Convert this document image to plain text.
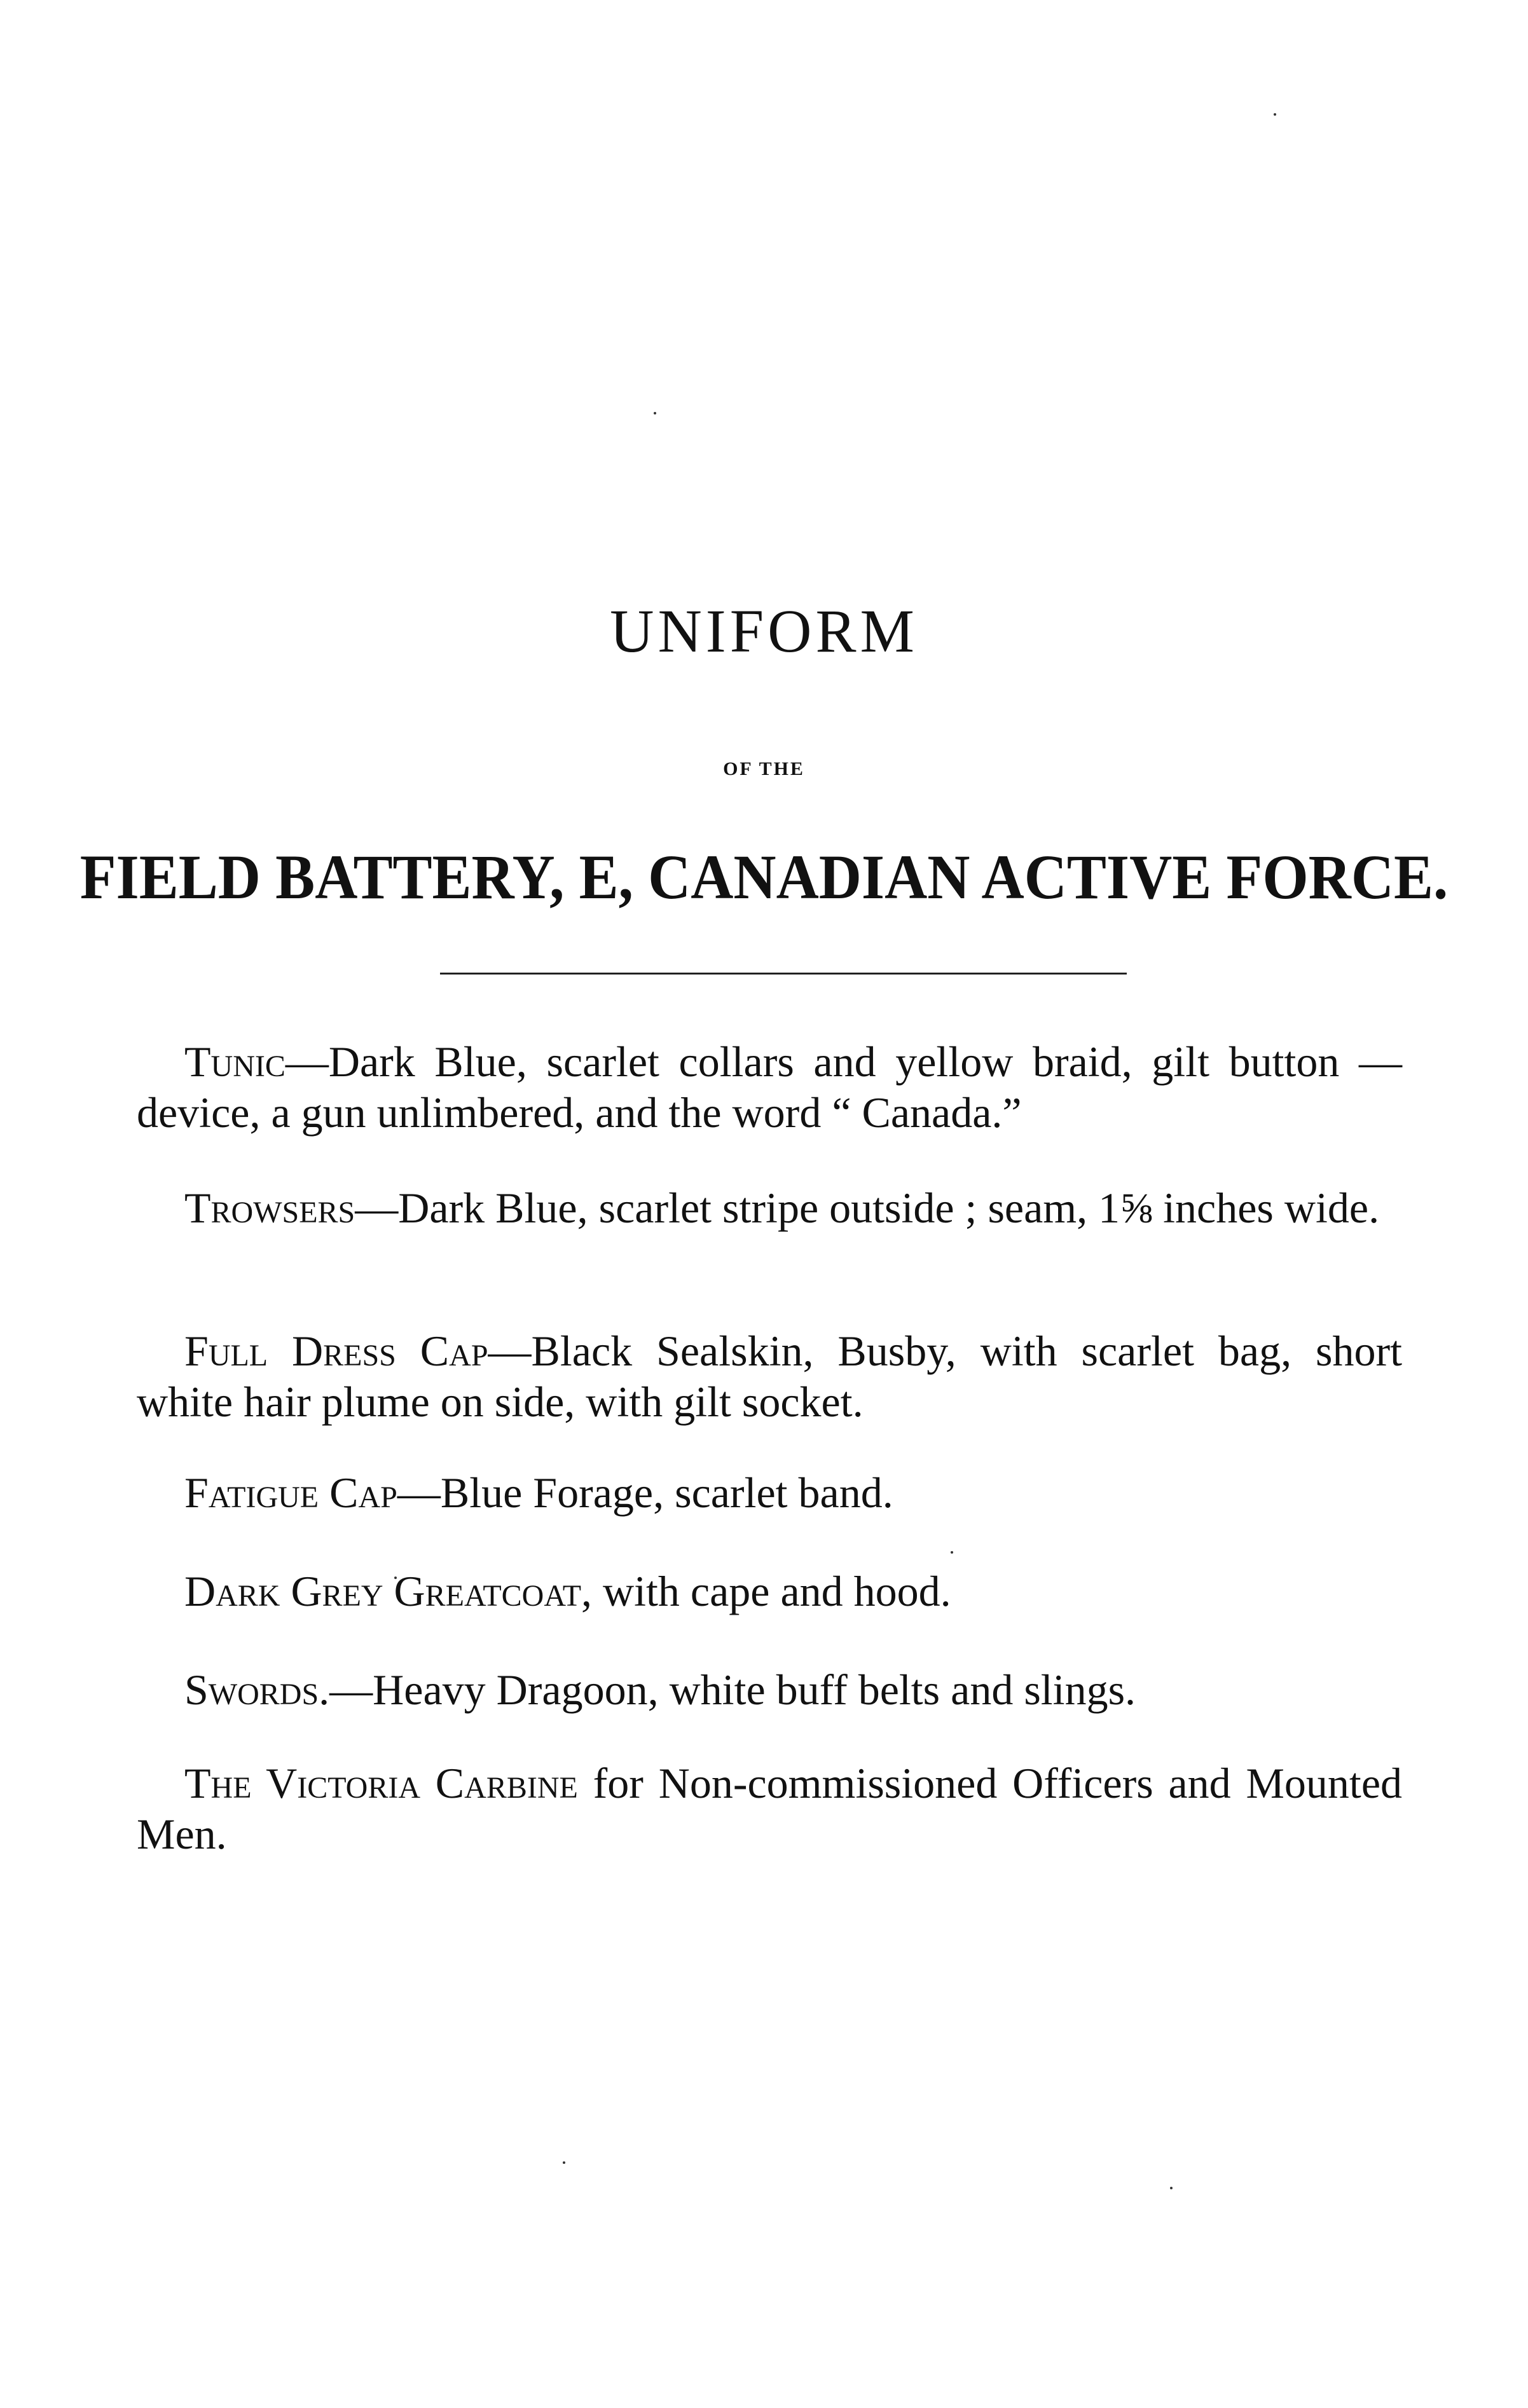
UNIFORM
OF THE
FIELD BATTERY, E, CANADIAN ACTIVE FORCE.

Tunic—Dark Blue, scarlet collars and yellow braid, gilt button —device, a gun unlimbered, and the word “ Canada.”

Trowsers—Dark Blue, scarlet stripe outside ; seam, 1⅝ inches wide.

Full Dress Cap—Black Sealskin, Busby, with scarlet bag, short white hair plume on side, with gilt socket.

Fatigue Cap—Blue Forage, scarlet band.

Dark Grey Greatcoat, with cape and hood.

Swords.—Heavy Dragoon, white buff belts and slings.

The Victoria Carbine for Non-commissioned Officers and Mounted Men.
